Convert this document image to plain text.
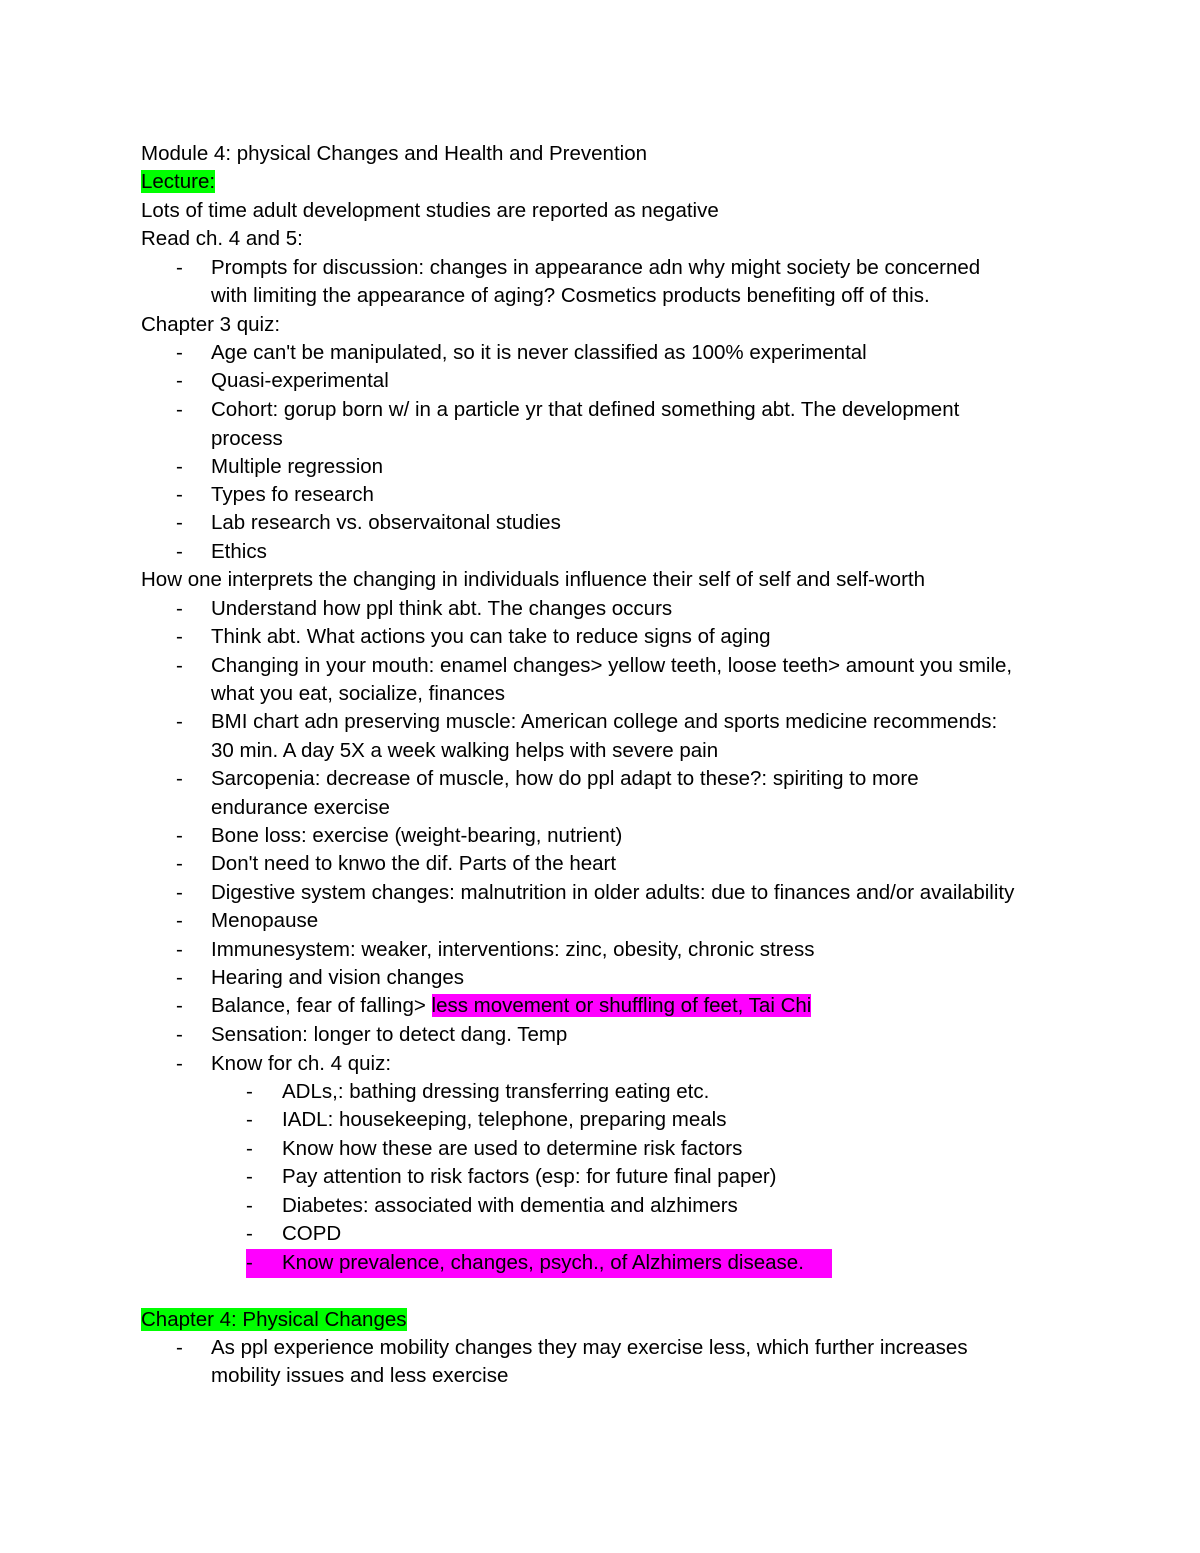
Module 4: physical Changes and Health and Prevention
Lecture:
Lots of time adult development studies are reported as negative
Read ch. 4 and 5:
- Prompts for discussion: changes in appearance adn why might society be concerned
with limiting the appearance of aging? Cosmetics products benefiting off of this.
Chapter 3 quiz:
- Age can't be manipulated, so it is never classified as 100% experimental
- Quasi-experimental
- Cohort: gorup born w/ in a particle yr that defined something abt. The development
process
- Multiple regression
- Types fo research
- Lab research vs. observaitonal studies
- Ethics
How one interprets the changing in individuals influence their self of self and self-worth
- Understand how ppl think abt. The changes occurs
- Think abt. What actions you can take to reduce signs of aging
- Changing in your mouth: enamel changes> yellow teeth, loose teeth> amount you smile,
what you eat, socialize, finances
- BMI chart adn preserving muscle: American college and sports medicine recommends:
30 min. A day 5X a week walking helps with severe pain
- Sarcopenia: decrease of muscle, how do ppl adapt to these?: spiriting to more
endurance exercise
- Bone loss: exercise (weight-bearing, nutrient)
- Don't need to knwo the dif. Parts of the heart
- Digestive system changes: malnutrition in older adults: due to finances and/or availability
- Menopause
- Immunesystem: weaker, interventions: zinc, obesity, chronic stress
- Hearing and vision changes
- Balance, fear of falling> less movement or shuffling of feet, Tai Chi
- Sensation: longer to detect dang. Temp
- Know for ch. 4 quiz:
- ADLs,: bathing dressing transferring eating etc.
- IADL: housekeeping, telephone, preparing meals
- Know how these are used to determine risk factors
- Pay attention to risk factors (esp: for future final paper)
- Diabetes: associated with dementia and alzhimers
- COPD
- Know prevalence, changes, psych., of Alzhimers disease.
Chapter 4: Physical Changes
- As ppl experience mobility changes they may exercise less, which further increases
mobility issues and less exercise
